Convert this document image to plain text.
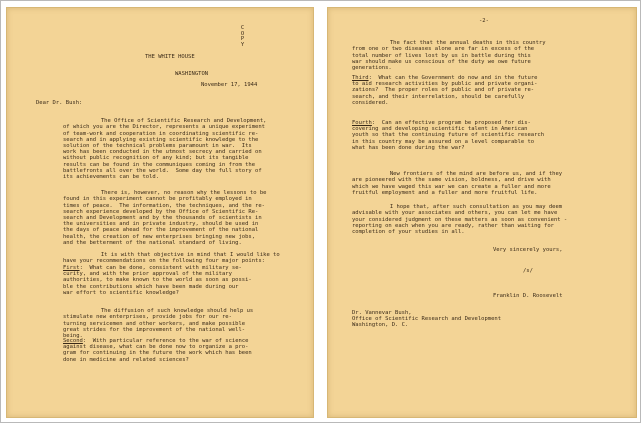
C
O
P
Y
THE WHITE HOUSE
WASHINGTON
November 17, 1944
Dear Dr. Bush:

The Office of Scientific Research and Development,
of which you are the Director, represents a unique experiment
of team-work and cooperation in coordinating scientific re-
search and in applying existing scientific knowledge to the
solution of the technical problems paramount in war.  Its
work has been conducted in the utmost secrecy and carried on
without public recognition of any kind; but its tangible
results can be found in the communiques coming in from the
battlefronts all over the world.  Some day the full story of
its achievements can be told.

There is, however, no reason why the lessons to be
found in this experiment cannot be profitably employed in
times of peace.  The information, the techniques, and the re-
search experience developed by the Office of Scientific Re-
search and Development and by the thousands of scientists in
the universities and in private industry, should be used in
the days of peace ahead for the improvement of the national
health, the creation of new enterprises bringing new jobs,
and the betterment of the national standard of living.

It is with that objective in mind that I would like to
have your recommendations on the following four major points:

First:  What can be done, consistent with military se-
curity, and with the prior approval of the military
authorities, to make known to the world as soon as possi-
ble the contributions which have been made during our
war effort to scientific knowledge?

The diffusion of such knowledge should help us
stimulate new enterprises, provide jobs for our re-
turning servicemen and other workers, and make possible
great strides for the improvement of the national well-
being.

Second:  With particular reference to the war of science
against disease, what can be done now to organize a pro-
gram for continuing in the future the work which has been
done in medicine and related sciences?
-2-

The fact that the annual deaths in this country
from one or two diseases alone are far in excess of the
total number of lives lost by us in battle during this
war should make us conscious of the duty we owe future
generations.

Third:  What can the Government do now and in the future
to aid research activities by public and private organi-
zations?  The proper roles of public and of private re-
search, and their interrelation, should be carefully
considered.
Fourth:  Can an effective program be proposed for dis-
covering and developing scientific talent in American
youth so that the continuing future of scientific research
in this country may be assured on a level comparable to
what has been done during the war?

New frontiers of the mind are before us, and if they
are pioneered with the same vision, boldness, and drive with
which we have waged this war we can create a fuller and more
fruitful employment and a fuller and more fruitful life.

I hope that, after such consultation as you may deem
advisable with your associates and others, you can let me have
your considered judgment on these matters as soon as convenient -
reporting on each when you are ready, rather than waiting for
completion of your studies in all.

Very sincerely yours,
/s/
Franklin D. Roosevelt
Dr. Vannevar Bush,
Office of Scientific Research and Development
Washington, D. C.
